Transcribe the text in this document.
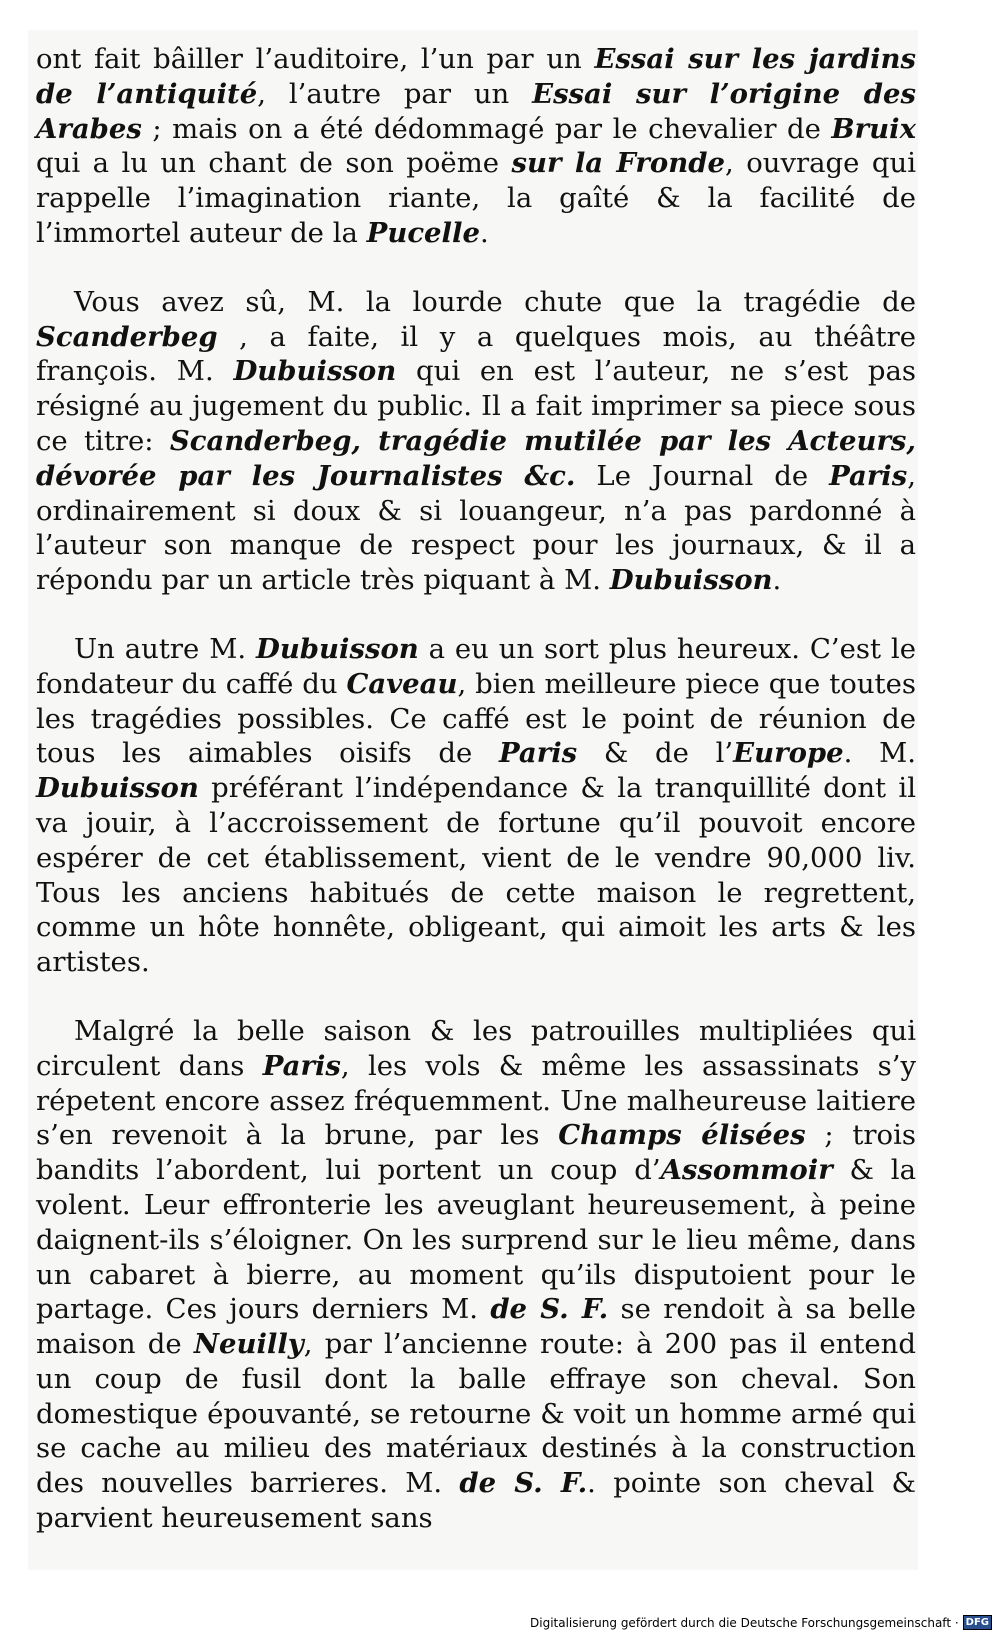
ont fait bâiller l’auditoire, l’un par un Essai sur les jardins de l’antiquité, l’autre par un Essai sur l’origine des Arabes ; mais on a été dédommagé par le chevalier de Bruix qui a lu un chant de son poëme sur la Fronde, ouvrage qui rappelle l’imagination riante, la gaîté & la facilité de l’immortel auteur de la Pucelle.

Vous avez sû, M. la lourde chute que la tragédie de Scanderbeg , a faite, il y a quelques mois, au théâtre françois. M. Dubuisson qui en est l’auteur, ne s’est pas résigné au jugement du public. Il a fait imprimer sa piece sous ce titre: Scanderbeg, tragédie mutilée par les Acteurs, dévorée par les Journalistes &c. Le Journal de Paris, ordinairement si doux & si louangeur, n’a pas pardonné à l’auteur son manque de respect pour les journaux, & il a répondu par un article très piquant à M. Dubuisson.

Un autre M. Dubuisson a eu un sort plus heureux. C’est le fondateur du caffé du Caveau, bien meilleure piece que toutes les tragédies possibles. Ce caffé est le point de réunion de tous les aimables oisifs de Paris & de l’Europe. M. Dubuisson préférant l’indépendance & la tranquillité dont il va jouir, à l’accroissement de fortune qu’il pouvoit encore espérer de cet établissement, vient de le vendre 90,000 liv. Tous les anciens habitués de cette maison le regrettent, comme un hôte honnête, obligeant, qui aimoit les arts & les artistes.

Malgré la belle saison & les patrouilles multipliées qui circulent dans Paris, les vols & même les assassinats s’y répetent encore assez fréquemment. Une malheureuse laitiere s’en revenoit à la brune, par les Champs élisées ; trois bandits l’abordent, lui portent un coup d’Assommoir & la volent. Leur effronterie les aveuglant heureusement, à peine daignent-ils s’éloigner. On les surprend sur le lieu même, dans un cabaret à bierre, au moment qu’ils disputoient pour le partage. Ces jours derniers M. de S. F. se rendoit à sa belle maison de Neuilly, par l’ancienne route: à 200 pas il entend un coup de fusil dont la balle effraye son cheval. Son domestique épouvanté, se retourne & voit un homme armé qui se cache au milieu des matériaux destinés à la construction des nouvelles barrieres. M. de S. F.. pointe son cheval & parvient heureusement sans

Digitalisierung gefördert durch die Deutsche Forschungsgemeinschaft · DFG
